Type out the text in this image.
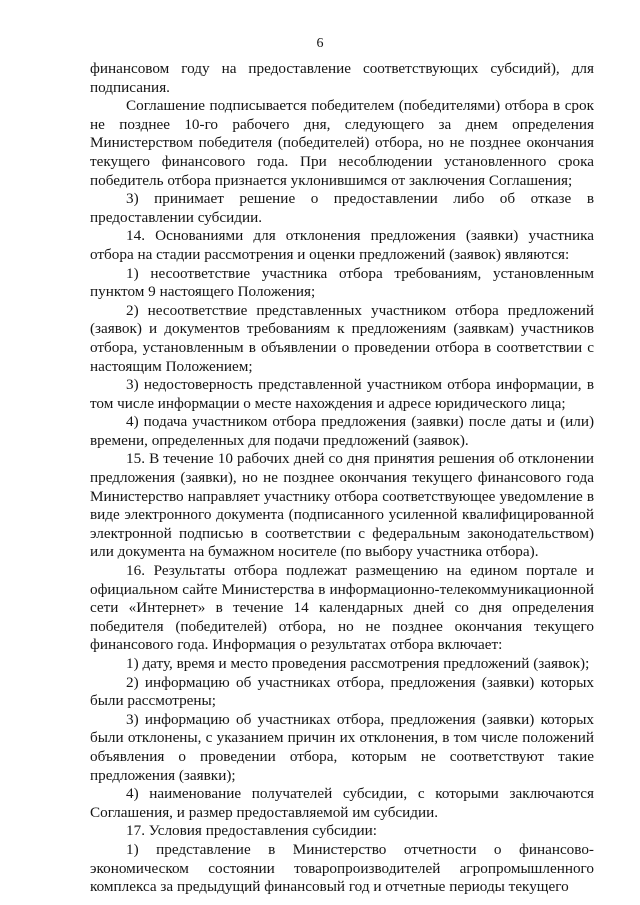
6

финансовом году на предоставление соответствующих субсидий), для подписания.

Соглашение подписывается победителем (победителями) отбора в срок не позднее 10-го рабочего дня, следующего за днем определения Министерством победителя (победителей) отбора, но не позднее окончания текущего финансового года. При несоблюдении установленного срока победитель отбора признается уклонившимся от заключения Соглашения;

3) принимает решение о предоставлении либо об отказе в предоставлении субсидии.

14. Основаниями для отклонения предложения (заявки) участника отбора на стадии рассмотрения и оценки предложений (заявок) являются:

1) несоответствие участника отбора требованиям, установленным пунктом 9 настоящего Положения;

2) несоответствие представленных участником отбора предложений (заявок) и документов требованиям к предложениям (заявкам) участников отбора, установленным в объявлении о проведении отбора в соответствии с настоящим Положением;

3) недостоверность представленной участником отбора информации, в том числе информации о месте нахождения и адресе юридического лица;

4) подача участником отбора предложения (заявки) после даты и (или) времени, определенных для подачи предложений (заявок).

15. В течение 10 рабочих дней со дня принятия решения об отклонении предложения (заявки), но не позднее окончания текущего финансового года Министерство направляет участнику отбора соответствующее уведомление в виде электронного документа (подписанного усиленной квалифицированной электронной подписью в соответствии с федеральным законодательством) или документа на бумажном носителе (по выбору участника отбора).

16. Результаты отбора подлежат размещению на едином портале и официальном сайте Министерства в информационно-телекоммуникационной сети «Интернет» в течение 14 календарных дней со дня определения победителя (победителей) отбора, но не позднее окончания текущего финансового года. Информация о результатах отбора включает:

1) дату, время и место проведения рассмотрения предложений (заявок);

2) информацию об участниках отбора, предложения (заявки) которых были рассмотрены;

3) информацию об участниках отбора, предложения (заявки) которых были отклонены, с указанием причин их отклонения, в том числе положений объявления о проведении отбора, которым не соответствуют такие предложения (заявки);

4) наименование получателей субсидии, с которыми заключаются Соглашения, и размер предоставляемой им субсидии.

17. Условия предоставления субсидии:

1) представление в Министерство отчетности о финансово-экономическом состоянии товаропроизводителей агропромышленного комплекса за предыдущий финансовый год и отчетные периоды текущего
